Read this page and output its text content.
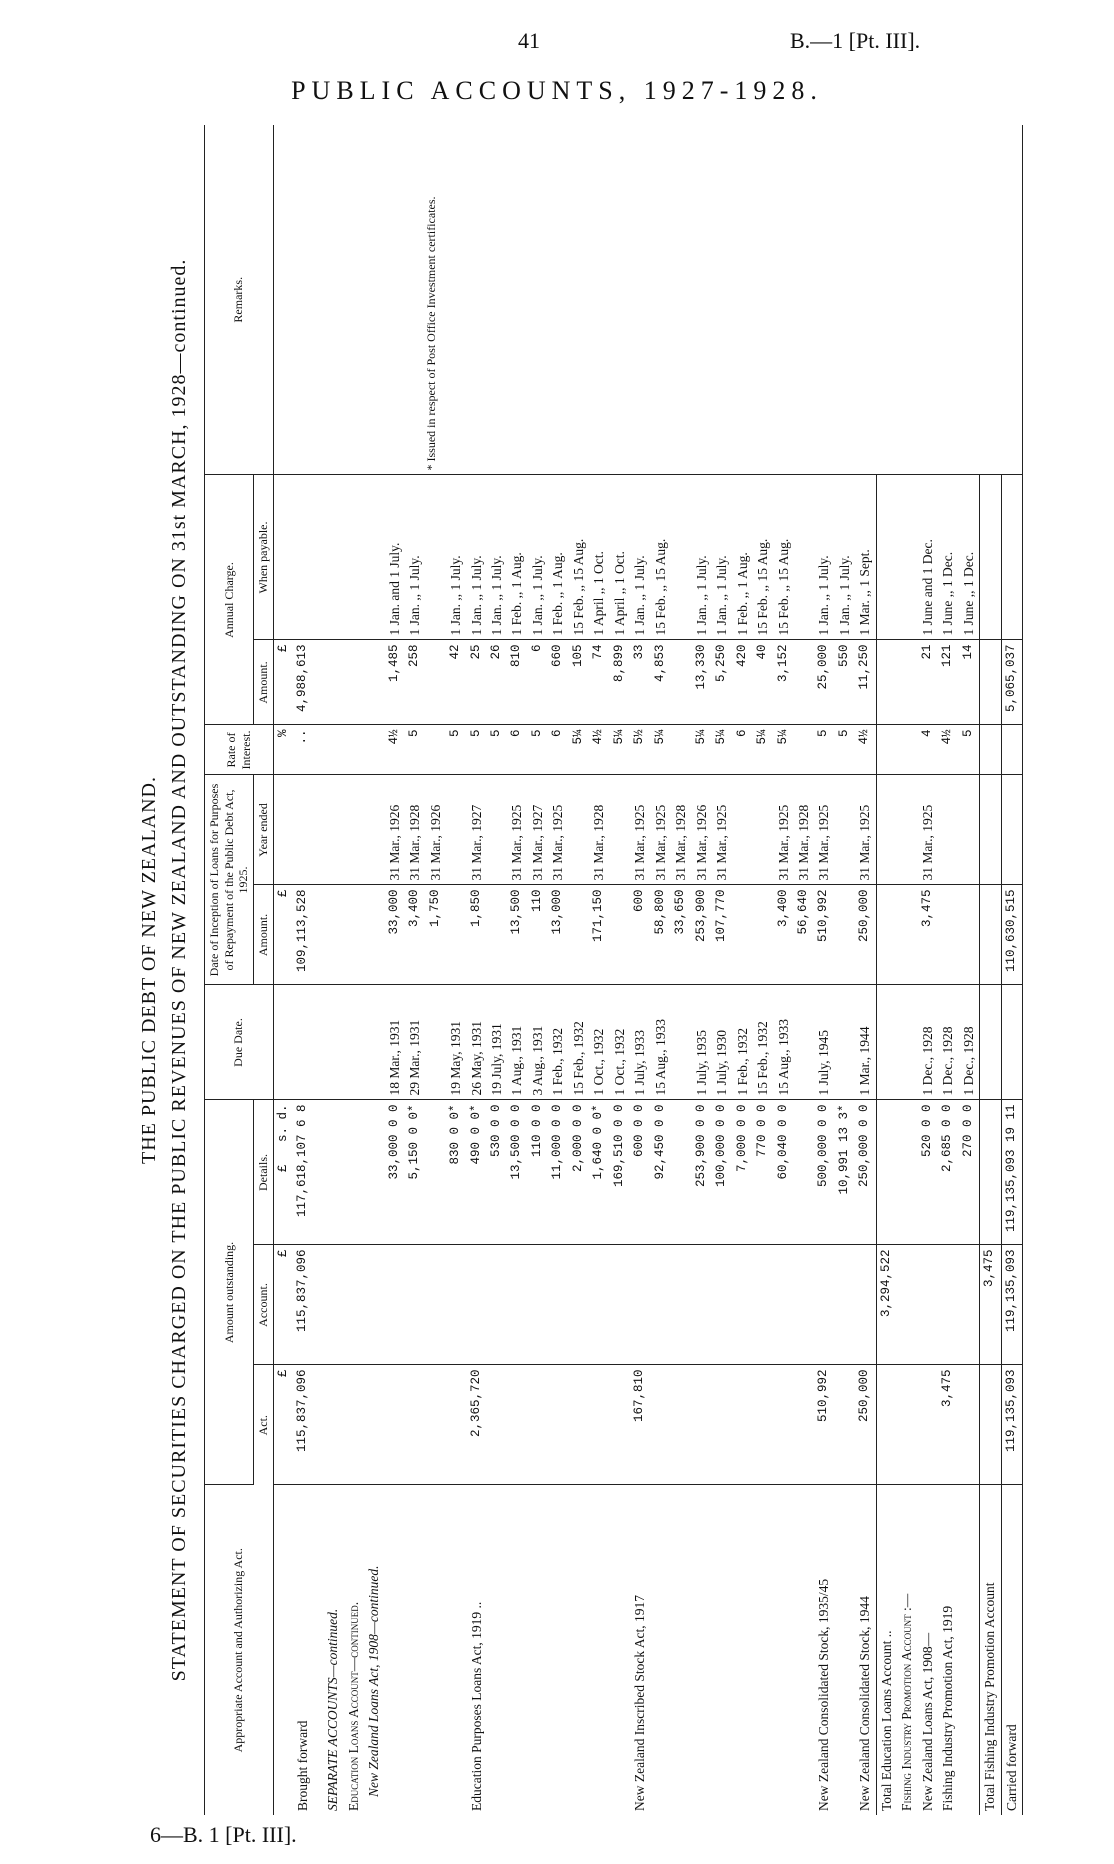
41	B.—1 [Pt. III].
PUBLIC ACCOUNTS, 1927-1928.
THE PUBLIC DEBT OF NEW ZEALAND. STATEMENT OF SECURITIES CHARGED ON THE PUBLIC REVENUES OF NEW ZEALAND AND OUTSTANDING ON 31st MARCH, 1928—continued.	Appropriate Account and Authorizing Act.	Amount outstanding.			Due Date.	Date of Inception of Loans for Purposes of Repayment of the Public Debt Act, 1925.		Rate of Interest.	Annual Charge.		Remarks.
	Act.	Account.	Details.		Amount.	Year ended		Amount.	When payable.	
	£	£	£   s. d.		£		%	£		* Issued in respect of Post Office Investment certificates.
Brought forward	115,837,096	115,837,096	117,618,107 6 8		109,113,528		..	4,988,613		

SEPARATE ACCOUNTS—continued.										
Education Loans Account—continued.										
New Zealand Loans Act, 1908—continued.										
			33,000 0 0	18 Mar., 1931	33,000	31 Mar., 1926	4½	1,485	1 Jan. and 1 July.	
			5,150 0 0*	29 Mar., 1931	3,400	31 Mar., 1928	5	258	1 Jan. ,, 1 July.	
					1,750	31 Mar., 1926				
			830 0 0*	19 May, 1931			5	42	1 Jan. ,, 1 July.	
Education Purposes Loans Act, 1919 ..	2,365,720		490 0 0*	26 May, 1931	1,850	31 Mar., 1927	5	25	1 Jan. ,, 1 July.	
			530 0 0	19 July, 1931			5	26	1 Jan. ,, 1 July.	
			13,500 0 0	1 Aug., 1931	13,500	31 Mar., 1925	6	810	1 Feb. ,, 1 Aug.	
			110 0 0	3 Aug., 1931	110	31 Mar., 1927	5	6	1 Jan. ,, 1 July.	
			11,000 0 0	1 Feb., 1932	13,000	31 Mar., 1925	6	660	1 Feb. ,, 1 Aug.	
			2,000 0 0	15 Feb., 1932			5¼	105	15 Feb. ,, 15 Aug.	
			1,640 0 0*	1 Oct., 1932	171,150	31 Mar., 1928	4½	74	1 April ,, 1 Oct.	
			169,510 0 0	1 Oct., 1932			5¼	8,899	1 April ,, 1 Oct.	
New Zealand Inscribed Stock Act, 1917	167,810		600 0 0	1 July, 1933	600	31 Mar., 1925	5½	33	1 Jan. ,, 1 July.	
			92,450 0 0	15 Aug., 1933	58,800	31 Mar., 1925	5¼	4,853	15 Feb. ,, 15 Aug.	
					33,650	31 Mar., 1928				
			253,900 0 0	1 July, 1935	253,900	31 Mar., 1926	5¼	13,330	1 Jan. ,, 1 July.	
			100,000 0 0	1 July, 1930	107,770	31 Mar., 1925	5¼	5,250	1 Jan. ,, 1 July.	
			7,000 0 0	1 Feb., 1932			6	420	1 Feb. ,, 1 Aug.	
			770 0 0	15 Feb., 1932			5¼	40	15 Feb. ,, 15 Aug.	
			60,040 0 0	15 Aug., 1933	3,400	31 Mar., 1925	5¼	3,152	15 Feb. ,, 15 Aug.	
					56,640	31 Mar., 1928				
New Zealand Consolidated Stock, 1935/45	510,992		500,000 0 0	1 July, 1945	510,992	31 Mar., 1925	5	25,000	1 Jan. ,, 1 July.	
			10,991 13 3*				5	550	1 Jan. ,, 1 July.	
New Zealand Consolidated Stock, 1944	250,000		250,000 0 0	1 Mar., 1944	250,000	31 Mar., 1925	4½	11,250	1 Mar. ,, 1 Sept.	
Total Education Loans Account ..		3,294,522								
Fishing Industry Promotion Account :—										
New Zealand Loans Act, 1908—			520 0 0	1 Dec., 1928	3,475	31 Mar., 1925	4	21	1 June and 1 Dec.	
Fishing Industry Promotion Act, 1919	3,475		2,685 0 0	1 Dec., 1928			4½	121	1 June ,, 1 Dec.	
			270 0 0	1 Dec., 1928			5	14	1 June ,, 1 Dec.	
Total Fishing Industry Promotion Account		3,475								
Carried forward	119,135,093	119,135,093	119,135,093 19 11		110,630,515			5,065,037		
6—B. 1 [Pt. III].
